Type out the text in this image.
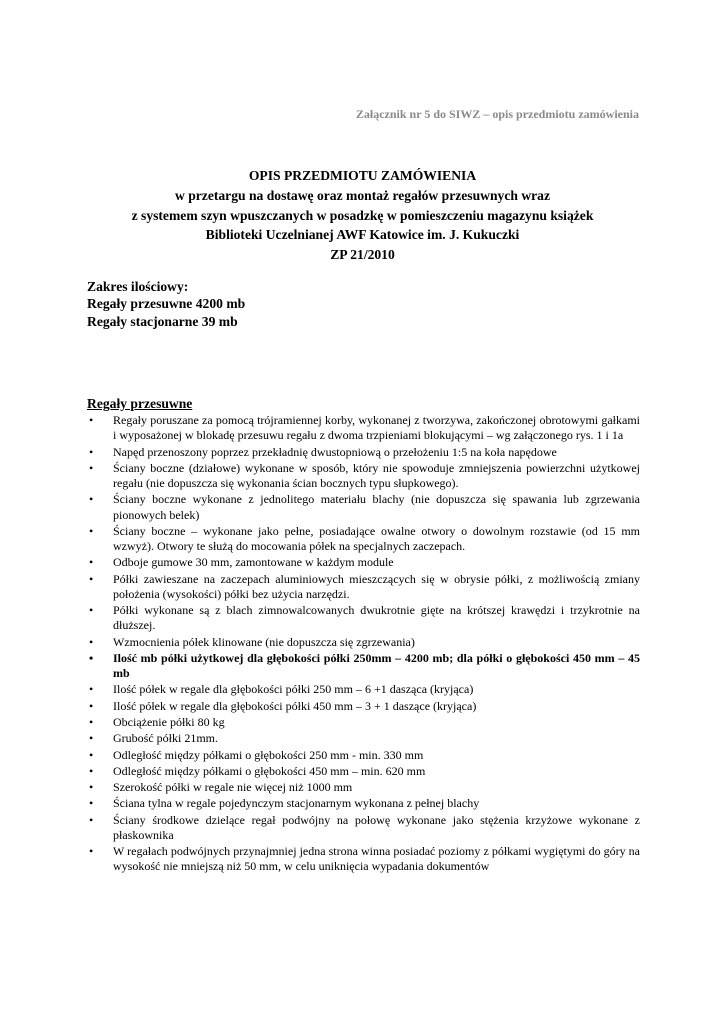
Załącznik nr 5 do SIWZ – opis przedmiotu zamówienia
OPIS PRZEDMIOTU ZAMÓWIENIA
w przetargu na dostawę oraz montaż regałów przesuwnych wraz
z systemem szyn wpuszczanych w posadzkę w pomieszczeniu magazynu książek
Biblioteki Uczelnianej AWF Katowice im. J. Kukuczki
ZP 21/2010
Zakres ilościowy:
Regały przesuwne 4200 mb
Regały stacjonarne 39 mb
Regały przesuwne
• Regały poruszane za pomocą trójramiennej korby, wykonanej z tworzywa, zakończonej obrotowymi gałkami i wyposażonej w blokadę przesuwu regału z dwoma trzpieniami blokującymi – wg załączonego rys. 1 i 1a
• Napęd przenoszony poprzez przekładnię dwustopniową o przełożeniu 1:5 na koła napędowe
• Ściany boczne (działowe) wykonane w sposób, który nie spowoduje zmniejszenia powierzchni użytkowej regału (nie dopuszcza się wykonania ścian bocznych typu słupkowego).
• Ściany boczne wykonane z jednolitego materiału blachy (nie dopuszcza się spawania lub zgrzewania pionowych belek)
• Ściany boczne – wykonane jako pełne, posiadające owalne otwory o dowolnym rozstawie (od 15 mm wzwyż). Otwory te służą do mocowania półek na specjalnych zaczepach.
• Odboje gumowe 30 mm, zamontowane w każdym module
• Półki zawieszane na zaczepach aluminiowych mieszczących się w obrysie półki, z możliwością zmiany położenia (wysokości) półki bez użycia narzędzi.
• Półki wykonane są z blach zimnowalcowanych dwukrotnie gięte na krótszej krawędzi i trzykrotnie na dłuższej.
• Wzmocnienia półek klinowane (nie dopuszcza się zgrzewania)
• Ilość mb półki użytkowej dla głębokości półki 250mm – 4200 mb; dla półki o głębokości 450 mm – 45 mb
• Ilość półek w regale dla głębokości półki 250 mm – 6 +1 dasząca (kryjąca)
• Ilość półek w regale dla głębokości półki 450 mm – 3 + 1 daszące (kryjąca)
• Obciążenie półki 80 kg
• Grubość półki 21mm.
• Odległość między półkami o głębokości 250 mm - min. 330 mm
• Odległość między półkami o głębokości 450 mm – min. 620 mm
• Szerokość półki w regale nie więcej niż 1000 mm
• Ściana tylna w regale pojedynczym stacjonarnym wykonana z pełnej blachy
• Ściany środkowe dzielące regał podwójny na połowę wykonane jako stężenia krzyżowe wykonane z płaskownika
• W regałach podwójnych przynajmniej jedna strona winna posiadać poziomy z półkami wygiętymi do góry na wysokość nie mniejszą niż 50 mm, w celu uniknięcia wypadania dokumentów
